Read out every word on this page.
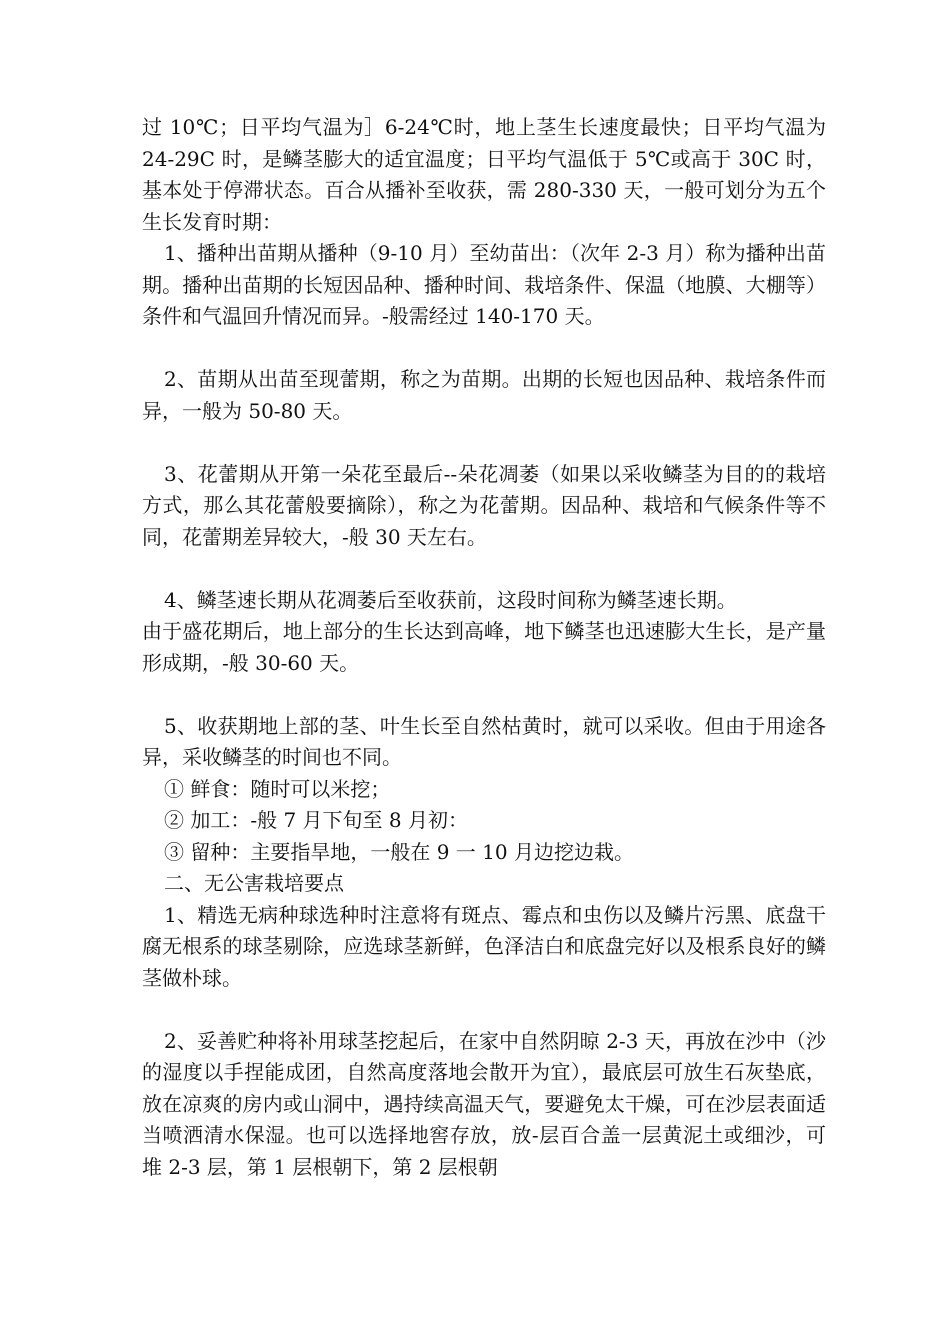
过 10℃；日平均气温为］6-24℃时，地上茎生长速度最快；日平均气温为 24-29C 时，是鳞茎膨大的适宜温度；日平均气温低于 5℃或高于 30C 时，基本处于停滞状态。百合从播补至收获，需 280-330 天，一般可划分为五个生长发育时期：

1、播种出苗期从播种（9-10 月）至幼苗出：（次年 2-3 月）称为播种出苗期。播种出苗期的长短因品种、播种时间、栽培条件、保温（地膜、大棚等）条件和气温回升情况而异。-般需经过 140-170 天。

2、苗期从出苗至现蕾期，称之为苗期。出期的长短也因品种、栽培条件而异，一般为 50-80 天。

3、花蕾期从开第一朵花至最后--朵花凋萎（如果以采收鳞茎为目的的栽培方式，那么其花蕾般要摘除），称之为花蕾期。因品种、栽培和气候条件等不同，花蕾期差异较大，-般 30 天左右。

4、鳞茎速长期从花凋萎后至收获前，这段时间称为鳞茎速长期。

由于盛花期后，地上部分的生长达到高峰，地下鳞茎也迅速膨大生长，是产量形成期，-般 30-60 天。

5、收获期地上部的茎、叶生长至自然枯黄时，就可以采收。但由于用途各异，采收鳞茎的时间也不同。

① 鲜食：随时可以米挖；

② 加工：-般 7 月下旬至 8 月初：

③ 留种：主要指旱地，一般在 9 一 10 月边挖边栽。

二、无公害栽培要点

1、精选无病种球选种时注意将有斑点、霉点和虫伤以及鳞片污黑、底盘干腐无根系的球茎剔除，应选球茎新鲜，色泽洁白和底盘完好以及根系良好的鳞茎做朴球。

2、妥善贮种将补用球茎挖起后，在家中自然阴晾 2-3 天，再放在沙中（沙的湿度以手捏能成团，自然高度落地会散开为宜），最底层可放生石灰垫底，放在凉爽的房内或山洞中，遇持续高温天气，要避免太干燥，可在沙层表面适当喷洒清水保湿。也可以选择地窖存放，放-层百合盖一层黄泥土或细沙，可堆 2-3 层，第 1 层根朝下，第 2 层根朝
